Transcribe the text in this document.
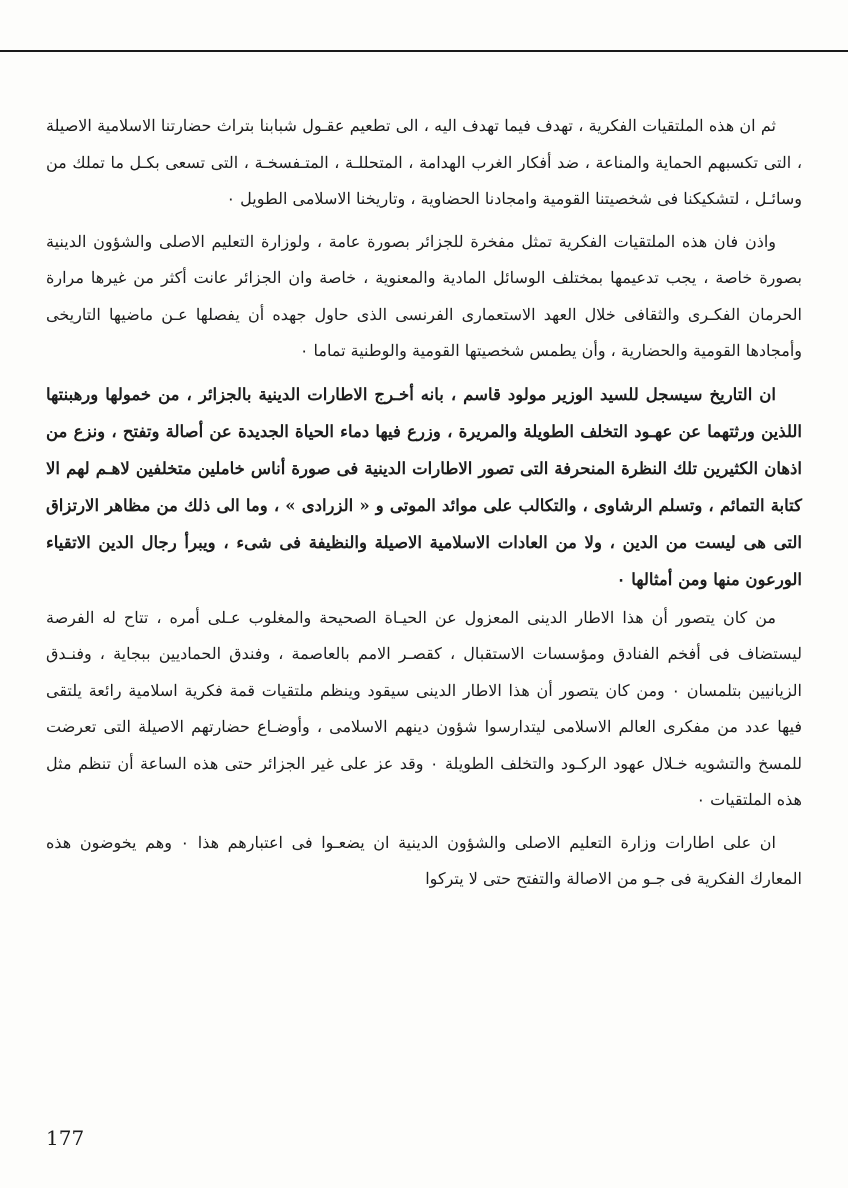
ثم ان هذه الملتقيات الفكرية ، تهدف فيما تهدف اليه ، الى تطعيم عقـول شبابنا بتراث حضارتنا الاسلامية الاصيلة ، التى تكسبهم الحماية والمناعة ، ضد أفكار الغرب الهدامة ، المتحللـة ، المتـفسخـة ، التى تسعى بكـل ما تملك من وسائـل ، لتشكيكنا فى شخصيتنا القومية وامجادنا الحضاوية ، وتاريخنا الاسلامى الطويل ٠

واذن فان هذه الملتقيات الفكرية تمثل مفخرة للجزائر بصورة عامة ، ولوزارة التعليم الاصلى والشؤون الدينية بصورة خاصة ، يجب تدعيمها بمختلف الوسائل المادية والمعنوية ، خاصة وان الجزائر عانت أكثر من غيرها مرارة الحرمان الفكـرى والثقافى خلال العهد الاستعمارى الفرنسى الذى حاول جهده أن يفصلها عـن ماضيها التاريخى وأمجادها القومية والحضارية ، وأن يطمس شخصيتها القومية والوطنية تماما ٠

ان التاريخ سيسجل للسيد الوزير مولود قاسم ، بانه أخـرج الاطارات الدينية بالجزائر ، من خمولها ورهبنتها اللذين ورثتهما عن عهـود التخلف الطويلة والمريرة ، وزرع فيها دماء الحياة الجديدة عن أصالة وتفتح ، ونزع من اذهان الكثيرين تلك النظرة المنحرفة التى تصور الاطارات الدينية فى صورة أناس خاملين متخلفين لاهـم لهم الا كتابة التمائم ، وتسلم الرشاوى ، والتكالب على موائد الموتى و « الزرادى » ، وما الى ذلك من مظاهر الارتزاق التى هى ليست من الدين ، ولا من العادات الاسلامية الاصيلة والنظيفة فى شىء ، ويبرأ رجال الدين الاتقياء الورعون منها ومن أمثالها ٠

من كان يتصور أن هذا الاطار الدينى المعزول عن الحيـاة الصحيحة والمغلوب عـلى أمره ، تتاح له الفرصة ليستضاف فى أفخم الفنادق ومؤسسات الاستقبال ، كقصـر الامم بالعاصمة ، وفندق الحماديين ببجاية ، وفنـدق الزيانيين بتلمسان ٠ ومن كان يتصور أن هذا الاطار الدينى سيقود وينظم ملتقيات قمة فكرية اسلامية رائعة يلتقى فيها عدد من مفكرى العالم الاسلامى ليتدارسوا شؤون دينهم الاسلامى ، وأوضـاع حضارتهم الاصيلة التى تعرضت للمسخ والتشويه خـلال عهود الركـود والتخلف الطويلة ٠ وقد عز على غير الجزائر حتى هذه الساعة أن تنظم مثل هذه الملتقيات ٠

ان على اطارات وزارة التعليم الاصلى والشؤون الدينية ان يضعـوا فى اعتبارهم هذا ٠ وهم يخوضون هذه المعارك الفكرية فى جـو من الاصالة والتفتح حتى لا يتركوا

177
